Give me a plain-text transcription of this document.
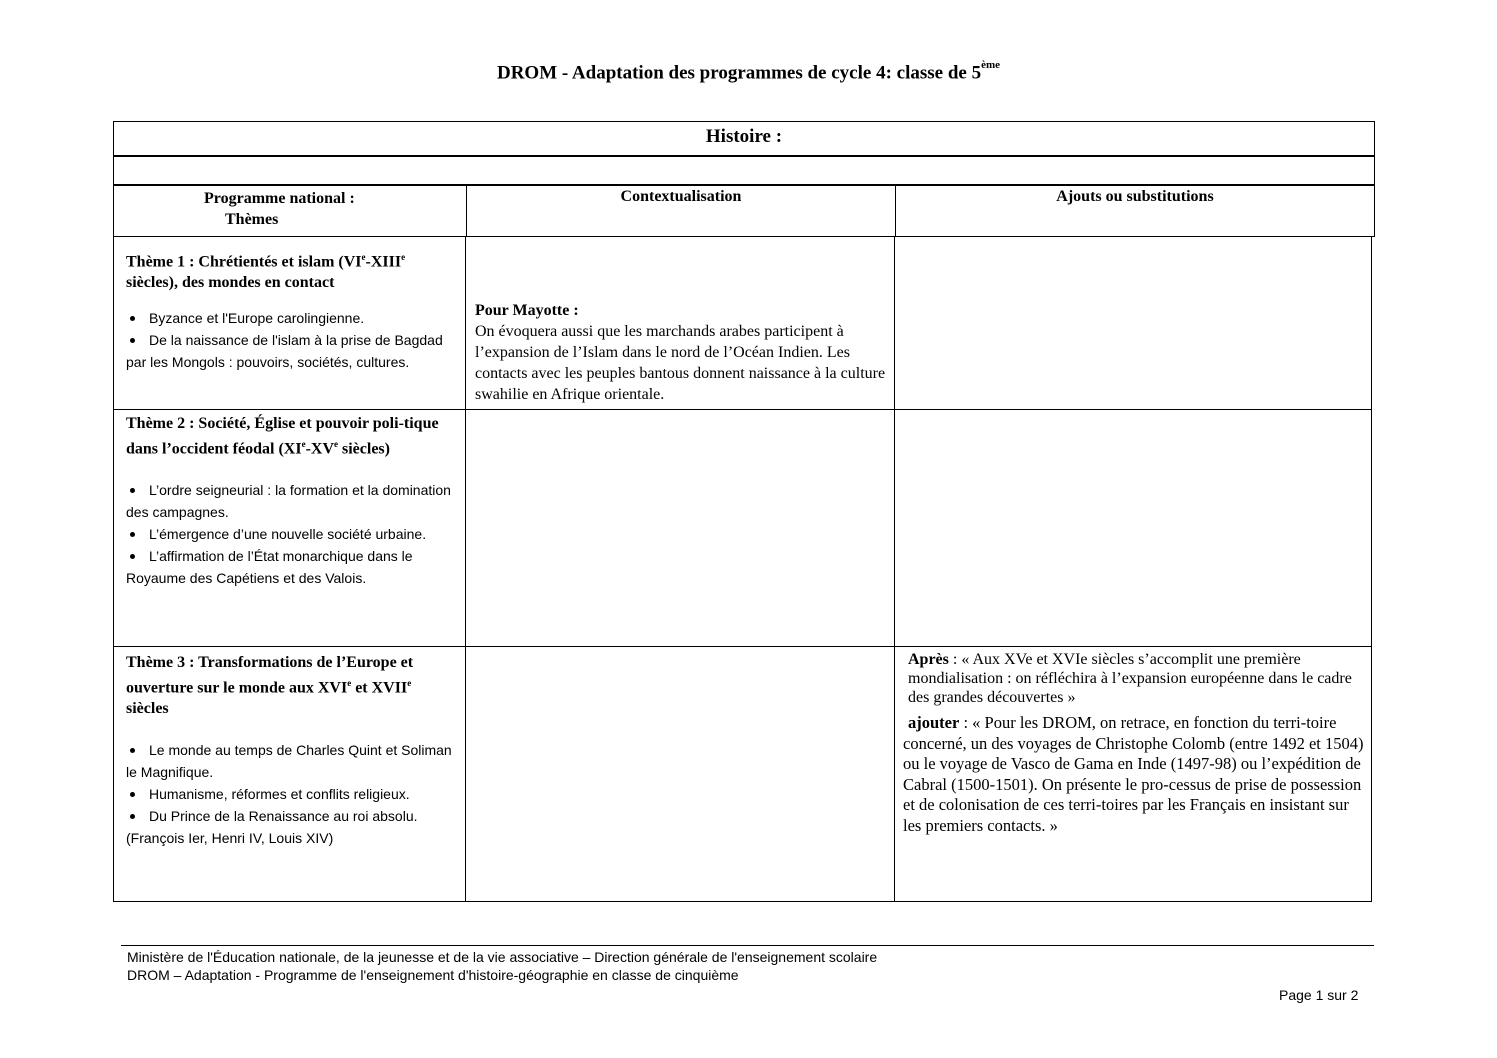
DROM - Adaptation des programmes de cycle 4: classe de 5ème
Histoire :
Programme national :
Thèmes
Contextualisation	Ajouts ou substitutions

Thème 1 : Chrétientés et islam (VIe-XIIIe siècles), des mondes en contact

Byzance et l'Europe carolingienne.
De la naissance de l'islam à la prise de Bagdad par les Mongols : pouvoirs, sociétés, cultures.
Pour Mayotte :
On évoquera aussi que les marchands arabes participent à l’expansion de l’Islam dans le nord de l’Océan Indien. Les contacts avec les peuples bantous donnent naissance à la culture swahilie en Afrique orientale.

Thème 2 : Société, Église et pouvoir poli-tique dans l’occident féodal (XIe-XVe siècles)

L’ordre seigneurial : la formation et la domination des campagnes.
L’émergence d’une nouvelle société urbaine.
L’affirmation de l’État monarchique dans le Royaume des Capétiens et des Valois.

Thème 3 : Transformations de l’Europe et ouverture sur le monde aux XVIe et XVIIe siècles

Le monde au temps de Charles Quint et Soliman le Magnifique.
Humanisme, réformes et conflits religieux.
Du Prince de la Renaissance au roi absolu. (François Ier, Henri IV, Louis XIV)
Après : « Aux XVe et XVIe siècles s’accomplit une première mondialisation : on réfléchira à l’expansion européenne dans le cadre des grandes découvertes »
ajouter : « Pour les DROM, on retrace, en fonction du terri-toire concerné, un des voyages de Christophe Colomb (entre 1492 et 1504) ou le voyage de Vasco de Gama en Inde (1497-98) ou l’expédition de Cabral (1500-1501). On présente le pro-cessus de prise de possession et de colonisation de ces terri-toires par les Français en insistant sur les premiers contacts. »
Ministère de l'Éducation nationale, de la jeunesse et de la vie associative – Direction générale de l'enseignement scolaire
DROM – Adaptation - Programme de l'enseignement d'histoire-géographie en classe de cinquième
Page 1 sur 2
